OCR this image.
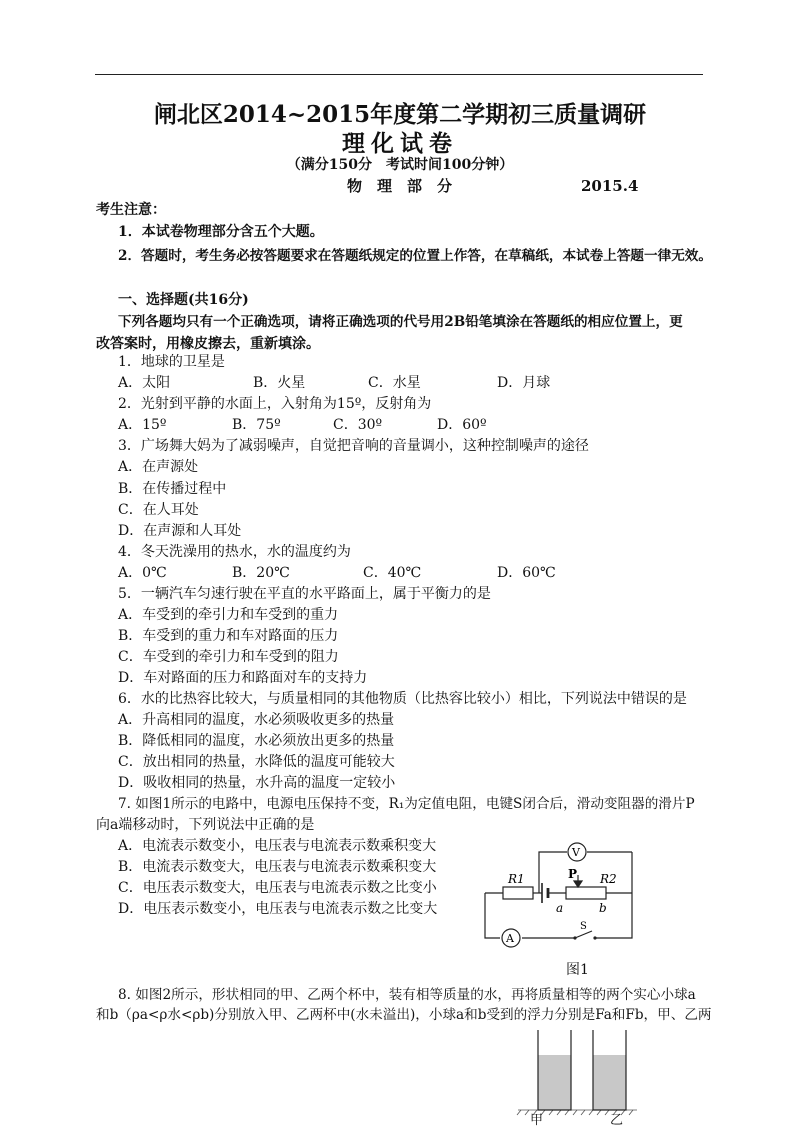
闸北区2014~2015年度第二学期初三质量调研
理化试卷
（满分150分　考试时间100分钟）
物　理　部　分	2015.4
考生注意：
1．本试卷物理部分含五个大题。
2．答题时，考生务必按答题要求在答题纸规定的位置上作答，在草稿纸，本试卷上答题一律无效。
一、选择题(共16分)
下列各题均只有一个正确选项，请将正确选项的代号用2B铅笔填涂在答题纸的相应位置上，更
改答案时，用橡皮擦去，重新填涂。
1．地球的卫星是
A．太阳	B．火星	C．水星	D．月球
2．光射到平静的水面上，入射角为15º，反射角为
A．15º	B．75º	C．30º	D．60º
3．广场舞大妈为了减弱噪声，自觉把音响的音量调小，这种控制噪声的途径
A．在声源处
B．在传播过程中
C．在人耳处
D．在声源和人耳处
4．冬天洗澡用的热水，水的温度约为
A．0℃	B．20℃	C．40℃	D．60℃
5．一辆汽车匀速行驶在平直的水平路面上，属于平衡力的是
A．车受到的牵引力和车受到的重力
B．车受到的重力和车对路面的压力
C．车受到的牵引力和车受到的阻力
D．车对路面的压力和路面对车的支持力
6．水的比热容比较大，与质量相同的其他物质（比热容比较小）相比，下列说法中错误的是
A．升高相同的温度，水必须吸收更多的热量
B．降低相同的温度，水必须放出更多的热量
C．放出相同的热量，水降低的温度可能较大
D．吸收相同的热量，水升高的温度一定较小
7. 如图1所示的电路中，电源电压保持不变，R₁为定值电阻，电键S闭合后，滑动变阻器的滑片P
向a端移动时，下列说法中正确的是
A．电流表示数变小，电压表与电流表示数乘积变大
B．电流表示数变大，电压表与电流表示数乘积变大
C．电压表示数变大，电压表与电流表示数之比变小
D．电压表示数变小，电压表与电流表示数之比变大
V
A
R1	R2
P
a	b
S
图1
8. 如图2所示，形状相同的甲、乙两个杯中，装有相等质量的水，再将质量相等的两个实心小球a
和b（ρa<ρ水<ρb)分别放入甲、乙两杯中(水未溢出)，小球a和b受到的浮力分别是Fa和Fb，甲、乙两
甲	乙
